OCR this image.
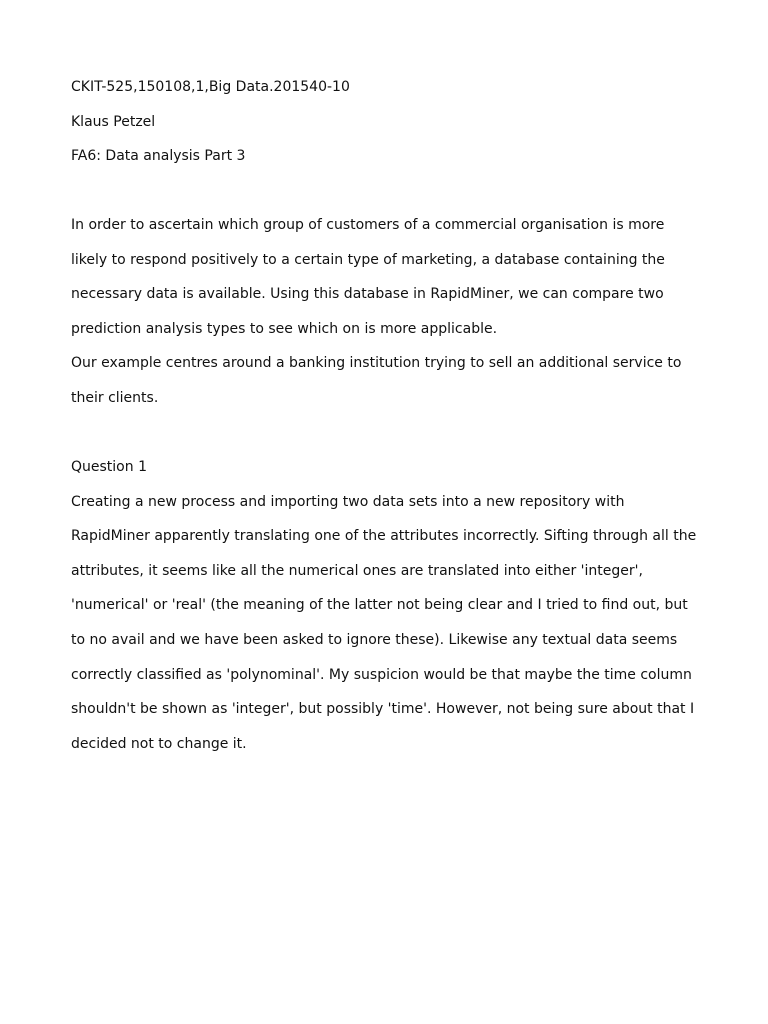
CKIT-525,150108,1,Big Data.201540-10

Klaus Petzel

FA6: Data analysis Part 3

In order to ascertain which group of customers of a commercial organisation is more likely to respond positively to a certain type of marketing, a database containing the necessary data is available. Using this database in RapidMiner, we can compare two prediction analysis types to see which on is more applicable.

Our example centres around a banking institution trying to sell an additional service to their clients.

Question 1

Creating a new process and importing two data sets into a new repository with RapidMiner apparently translating one of the attributes incorrectly. Sifting through all the attributes, it seems like all the numerical ones are translated into either 'integer', 'numerical' or 'real' (the meaning of the latter not being clear and I tried to find out, but to no avail and we have been asked to ignore these). Likewise any textual data seems correctly classified as 'polynominal'. My suspicion would be that maybe the time column shouldn't be shown as 'integer', but possibly 'time'. However, not being sure about that I decided not to change it.
